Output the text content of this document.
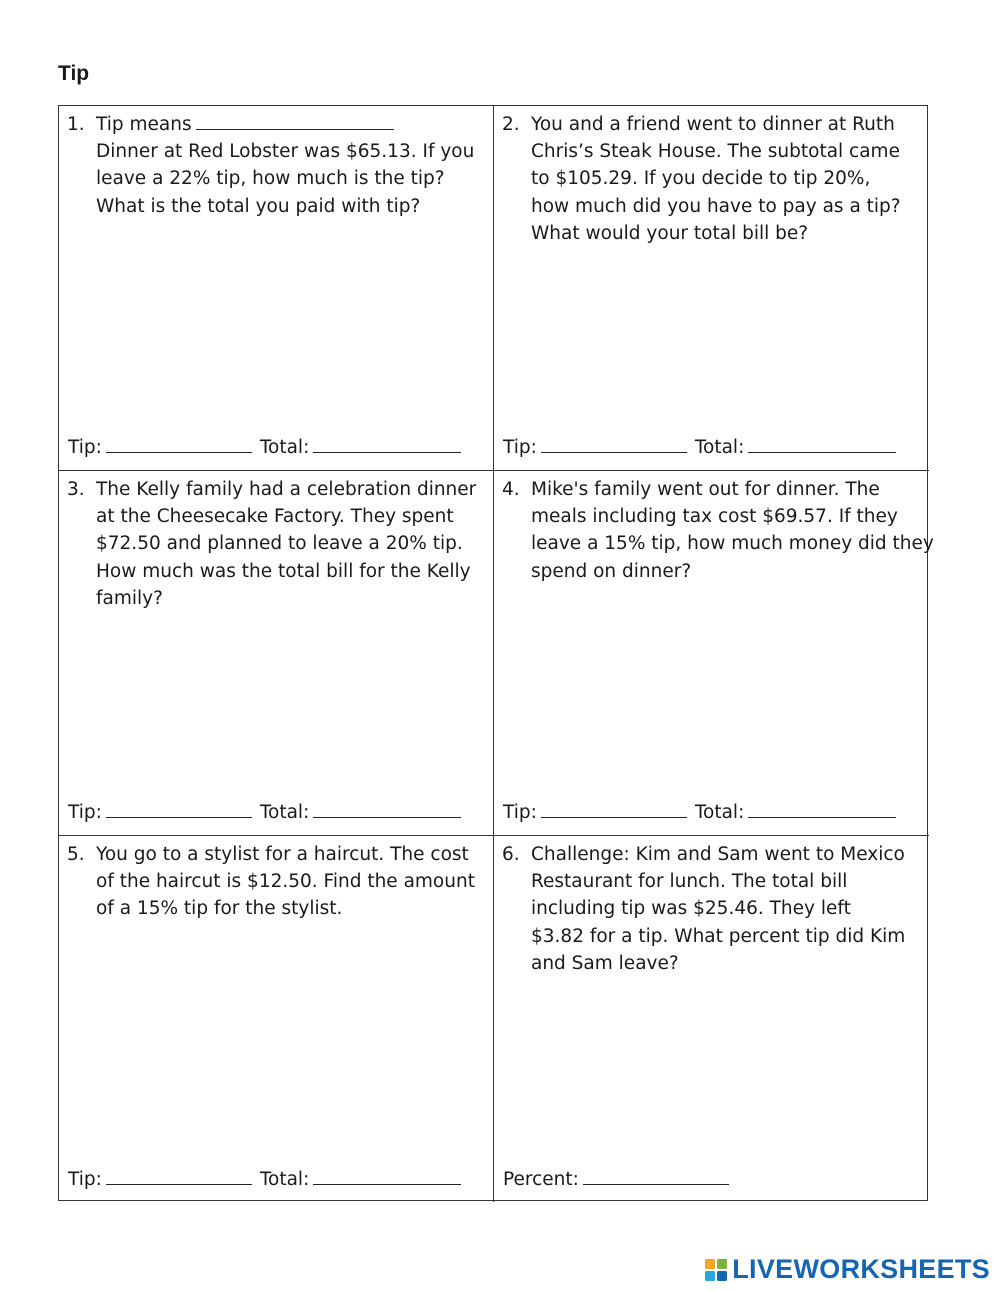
Tip
1. Tip means
Dinner at Red Lobster was $65.13. If you
leave a 22% tip, how much is the tip?
What is the total you paid with tip?
Tip:	Total:
2. You and a friend went to dinner at Ruth
Chris’s Steak House. The subtotal came
to $105.29. If you decide to tip 20%,
how much did you have to pay as a tip?
What would your total bill be?
Tip:	Total:
3. The Kelly family had a celebration dinner
at the Cheesecake Factory. They spent
$72.50 and planned to leave a 20% tip.
How much was the total bill for the Kelly
family?
Tip:	Total:
4. Mike's family went out for dinner. The
meals including tax cost $69.57. If they
leave a 15% tip, how much money did they
spend on dinner?
Tip:	Total:
5. You go to a stylist for a haircut. The cost
of the haircut is $12.50. Find the amount
of a 15% tip for the stylist.
Tip:	Total:
6. Challenge: Kim and Sam went to Mexico
Restaurant for lunch. The total bill
including tip was $25.46. They left
$3.82 for a tip. What percent tip did Kim
and Sam leave?
Percent:
LIVEWORKSHEETS
